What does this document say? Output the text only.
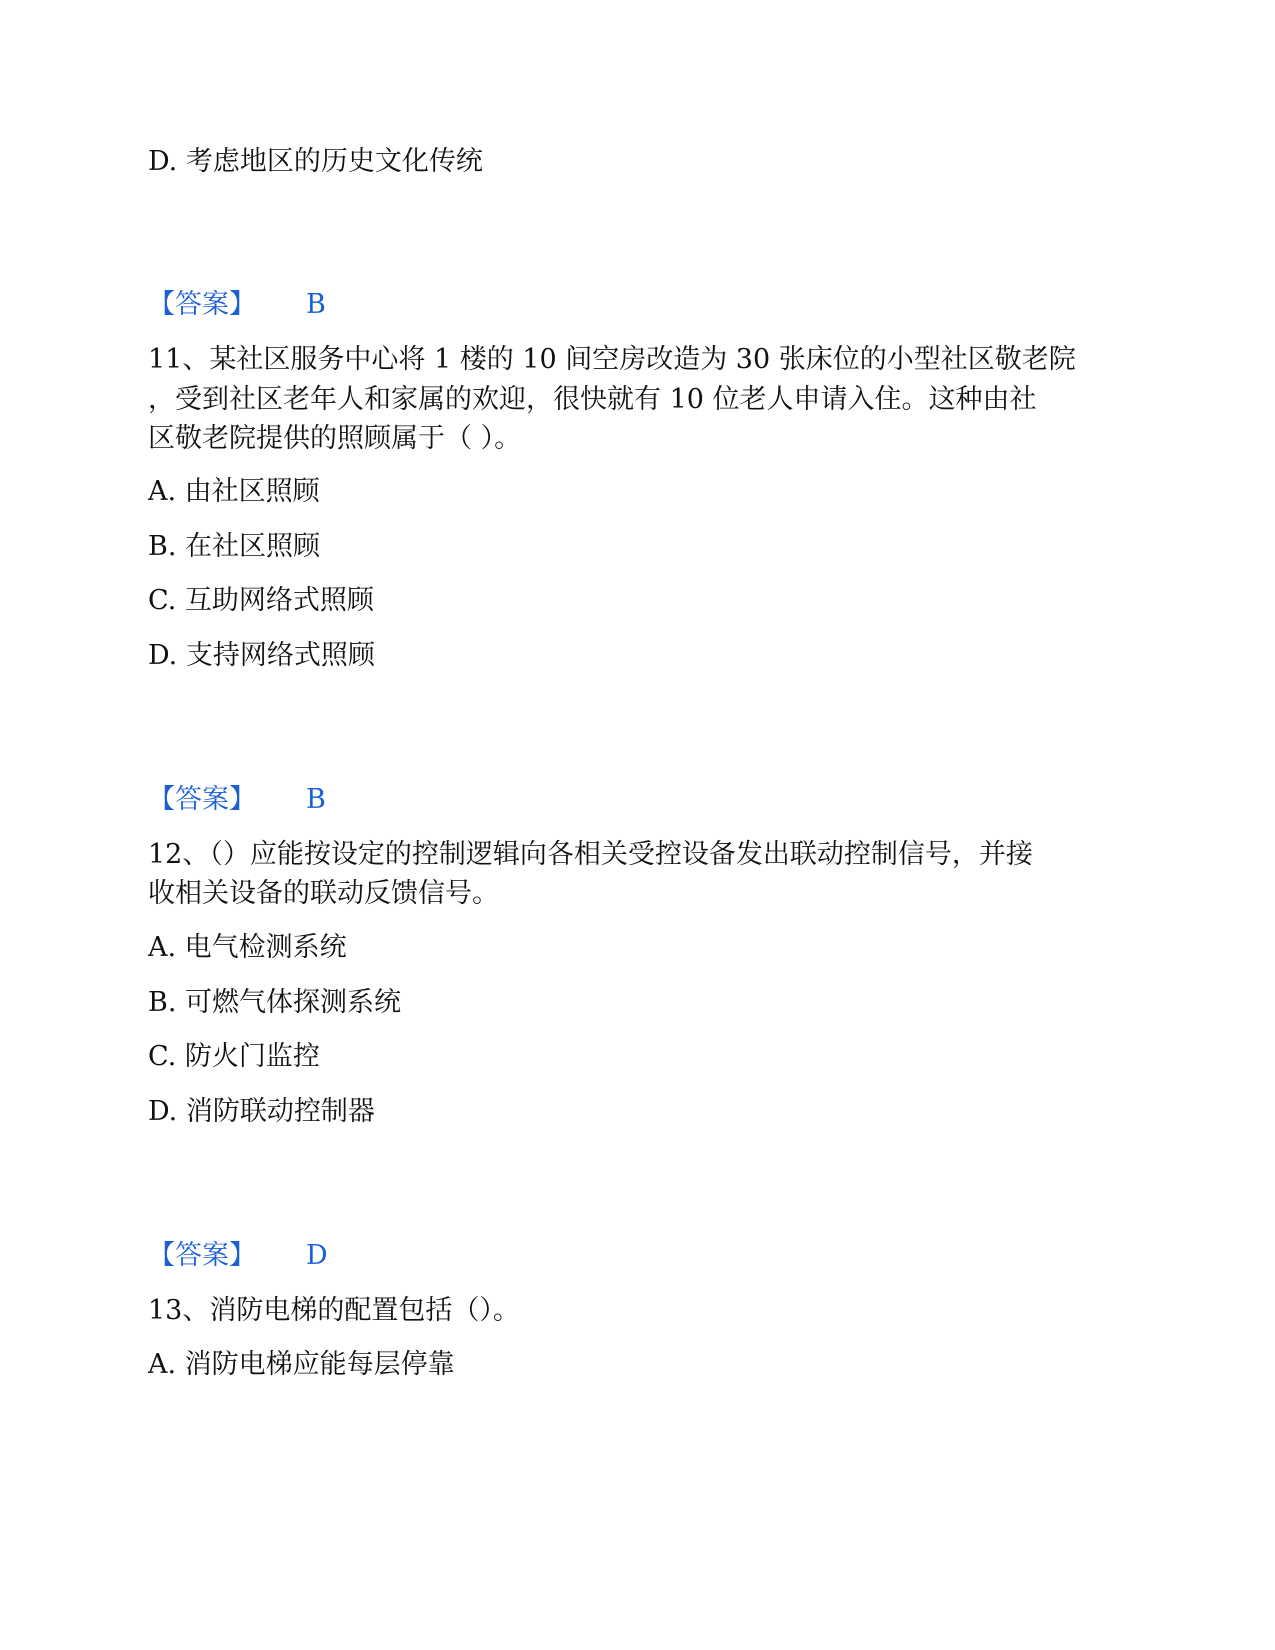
D. 考虑地区的历史文化传统
【答案】 B
11、某社区服务中心将 1 楼的 10 间空房改造为 30 张床位的小型社区敬老院
，受到社区老年人和家属的欢迎，很快就有 10 位老人申请入住。这种由社
区敬老院提供的照顾属于（ ）。
A. 由社区照顾
B. 在社区照顾
C. 互助网络式照顾
D. 支持网络式照顾
【答案】 B
12、（）应能按设定的控制逻辑向各相关受控设备发出联动控制信号，并接
收相关设备的联动反馈信号。
A. 电气检测系统
B. 可燃气体探测系统
C. 防火门监控
D. 消防联动控制器
【答案】 D
13、消防电梯的配置包括（）。
A. 消防电梯应能每层停靠
